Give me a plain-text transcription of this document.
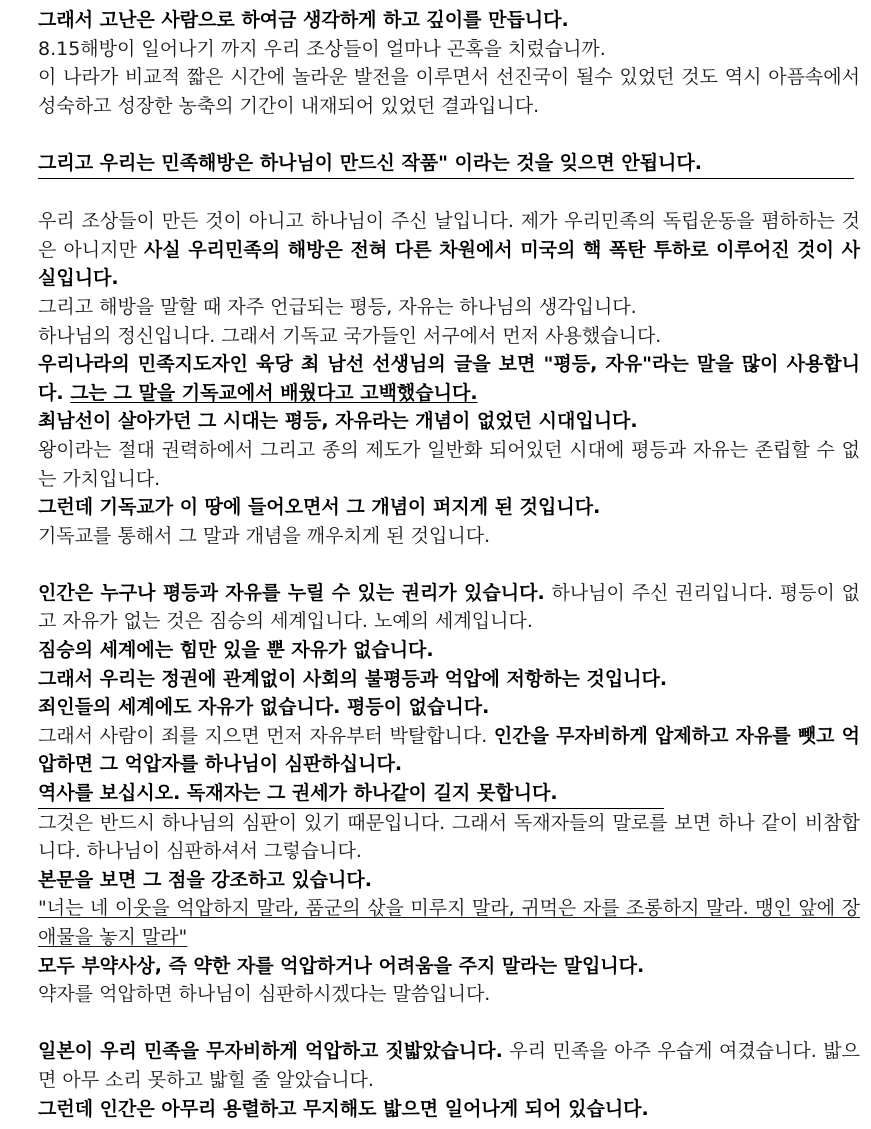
그래서 고난은 사람으로 하여금 생각하게 하고 깊이를 만듭니다.

8.15해방이 일어나기 까지 우리 조상들이 얼마나 곤혹을 치렀습니까.

이 나라가 비교적 짧은 시간에 놀라운 발전을 이루면서 선진국이 될수 있었던 것도 역시 아픔속에서 성숙하고 성장한 농축의 기간이 내재되어 있었던 결과입니다.

그리고 우리는 민족해방은 하나님이 만드신 작품" 이라는 것을 잊으면 안됩니다.

우리 조상들이 만든 것이 아니고 하나님이 주신 날입니다. 제가 우리민족의 독립운동을 폄하하는 것은 아니지만 사실 우리민족의 해방은 전혀 다른 차원에서 미국의 핵 폭탄 투하로 이루어진 것이 사실입니다.

그리고 해방을 말할 때 자주 언급되는 평등, 자유는 하나님의 생각입니다.

하나님의 정신입니다. 그래서 기독교 국가들인 서구에서 먼저 사용했습니다.

우리나라의 민족지도자인 육당 최 남선 선생님의 글을 보면 "평등, 자유"라는 말을 많이 사용합니다. 그는 그 말을 기독교에서 배웠다고 고백했습니다.

최남선이 살아가던 그 시대는 평등, 자유라는 개념이 없었던 시대입니다.

왕이라는 절대 권력하에서 그리고 종의 제도가 일반화 되어있던 시대에 평등과 자유는 존립할 수 없는 가치입니다.

그런데 기독교가 이 땅에 들어오면서 그 개념이 퍼지게 된 것입니다.

기독교를 통해서 그 말과 개념을 깨우치게 된 것입니다.

인간은 누구나 평등과 자유를 누릴 수 있는 권리가 있습니다. 하나님이 주신 권리입니다. 평등이 없고 자유가 없는 것은 짐승의 세계입니다. 노예의 세계입니다.

짐승의 세계에는 힘만 있을 뿐 자유가 없습니다.

그래서 우리는 정권에 관계없이 사회의 불평등과 억압에 저항하는 것입니다.

죄인들의 세계에도 자유가 없습니다. 평등이 없습니다.

그래서 사람이 죄를 지으면 먼저 자유부터 박탈합니다. 인간을 무자비하게 압제하고 자유를 뺏고 억압하면 그 억압자를 하나님이 심판하십니다.

역사를 보십시오. 독재자는 그 권세가 하나같이 길지 못합니다.

그것은 반드시 하나님의 심판이 있기 때문입니다. 그래서 독재자들의 말로를 보면 하나 같이 비참합니다. 하나님이 심판하셔서 그렇습니다.

본문을 보면 그 점을 강조하고 있습니다.

"너는 네 이웃을 억압하지 말라, 품군의 삯을 미루지 말라, 귀먹은 자를 조롱하지 말라. 맹인 앞에 장애물을 놓지 말라"

모두 부약사상, 즉 약한 자를 억압하거나 어려움을 주지 말라는 말입니다.

약자를 억압하면 하나님이 심판하시겠다는 말씀입니다.

일본이 우리 민족을 무자비하게 억압하고 짓밟았습니다. 우리 민족을 아주 우습게 여겼습니다. 밟으면 아무 소리 못하고 밟힐 줄 알았습니다.

그런데 인간은 아무리 용렬하고 무지해도 밟으면 일어나게 되어 있습니다.
